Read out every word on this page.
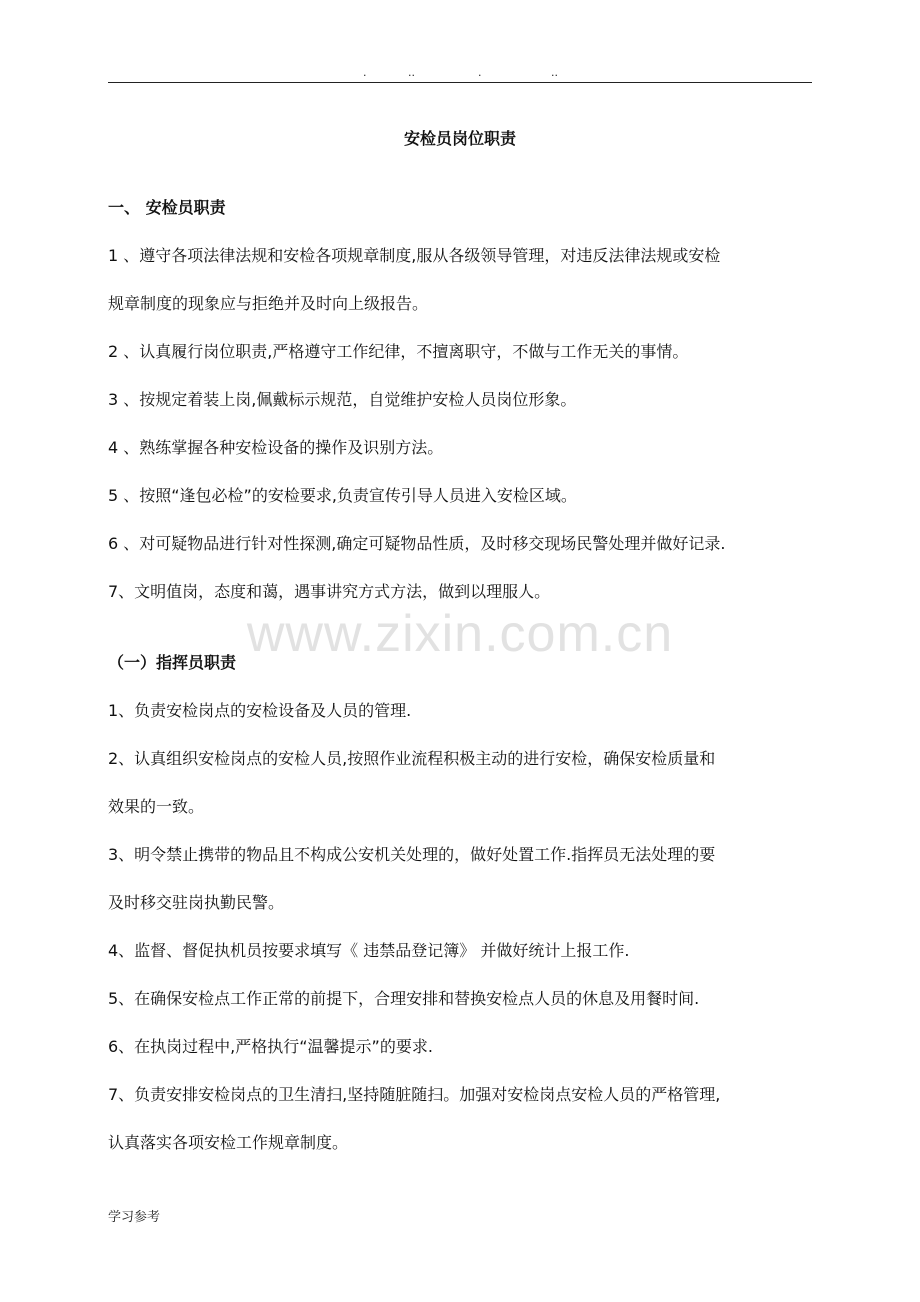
.	..	.	..
安检员岗位职责
一、 安检员职责
1 、遵守各项法律法规和安检各项规章制度,服从各级领导管理，对违反法律法规或安检
规章制度的现象应与拒绝并及时向上级报告。
2 、认真履行岗位职责,严格遵守工作纪律，不擅离职守，不做与工作无关的事情。
3 、按规定着装上岗,佩戴标示规范，自觉维护安检人员岗位形象。
4 、熟练掌握各种安检设备的操作及识别方法。
5 、按照“逢包必检”的安检要求,负责宣传引导人员进入安检区域。
6 、对可疑物品进行针对性探测,确定可疑物品性质，及时移交现场民警处理并做好记录.
7、文明值岗，态度和蔼，遇事讲究方式方法，做到以理服人。
www.zixin.com.cn
（一）指挥员职责
1、负责安检岗点的安检设备及人员的管理.
2、认真组织安检岗点的安检人员,按照作业流程积极主动的进行安检，确保安检质量和
效果的一致。
3、明令禁止携带的物品且不构成公安机关处理的，做好处置工作.指挥员无法处理的要
及时移交驻岗执勤民警。
4、监督、督促执机员按要求填写《 违禁品登记簿》 并做好统计上报工作.
5、在确保安检点工作正常的前提下，合理安排和替换安检点人员的休息及用餐时间.
6、在执岗过程中,严格执行“温馨提示”的要求.
7、负责安排安检岗点的卫生清扫,坚持随脏随扫。加强对安检岗点安检人员的严格管理,
认真落实各项安检工作规章制度。
学习参考
